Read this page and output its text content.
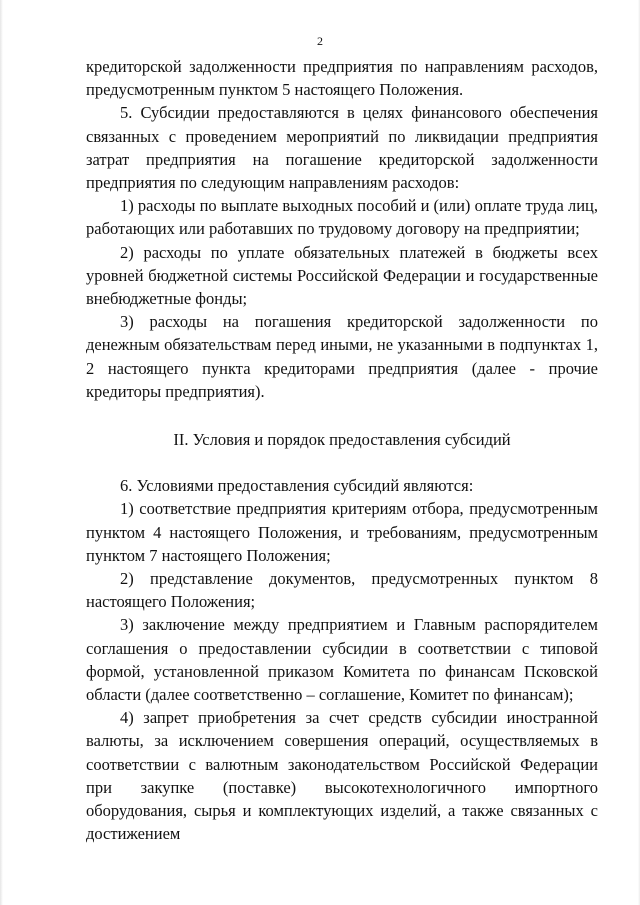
2

кредиторской задолженности предприятия по направлениям расходов, предусмотренным пунктом 5 настоящего Положения.

5. Субсидии предоставляются в целях финансового обеспечения связанных с проведением мероприятий по ликвидации предприятия затрат предприятия на погашение кредиторской задолженности предприятия по следующим направлениям расходов:

1) расходы по выплате выходных пособий и (или) оплате труда лиц, работающих или работавших по трудовому договору на предприятии;

2) расходы по уплате обязательных платежей в бюджеты всех уровней бюджетной системы Российской Федерации и государственные внебюджетные фонды;

3) расходы на погашения кредиторской задолженности по денежным обязательствам перед иными, не указанными в подпунктах 1, 2 настоящего пункта кредиторами предприятия (далее - прочие кредиторы предприятия).

II. Условия и порядок предоставления субсидий

6. Условиями предоставления субсидий являются:

1) соответствие предприятия критериям отбора, предусмотренным пунктом 4 настоящего Положения, и требованиям, предусмотренным пунктом 7 настоящего Положения;

2) представление документов, предусмотренных пунктом 8 настоящего Положения;

3) заключение между предприятием и Главным распорядителем соглашения о предоставлении субсидии в соответствии с типовой формой, установленной приказом Комитета по финансам Псковской области (далее соответственно – соглашение, Комитет по финансам);

4) запрет приобретения за счет средств субсидии иностранной валюты, за исключением совершения операций, осуществляемых в соответствии с валютным законодательством Российской Федерации при закупке (поставке) высокотехнологичного импортного оборудования, сырья и комплектующих изделий, а также связанных с достижением
